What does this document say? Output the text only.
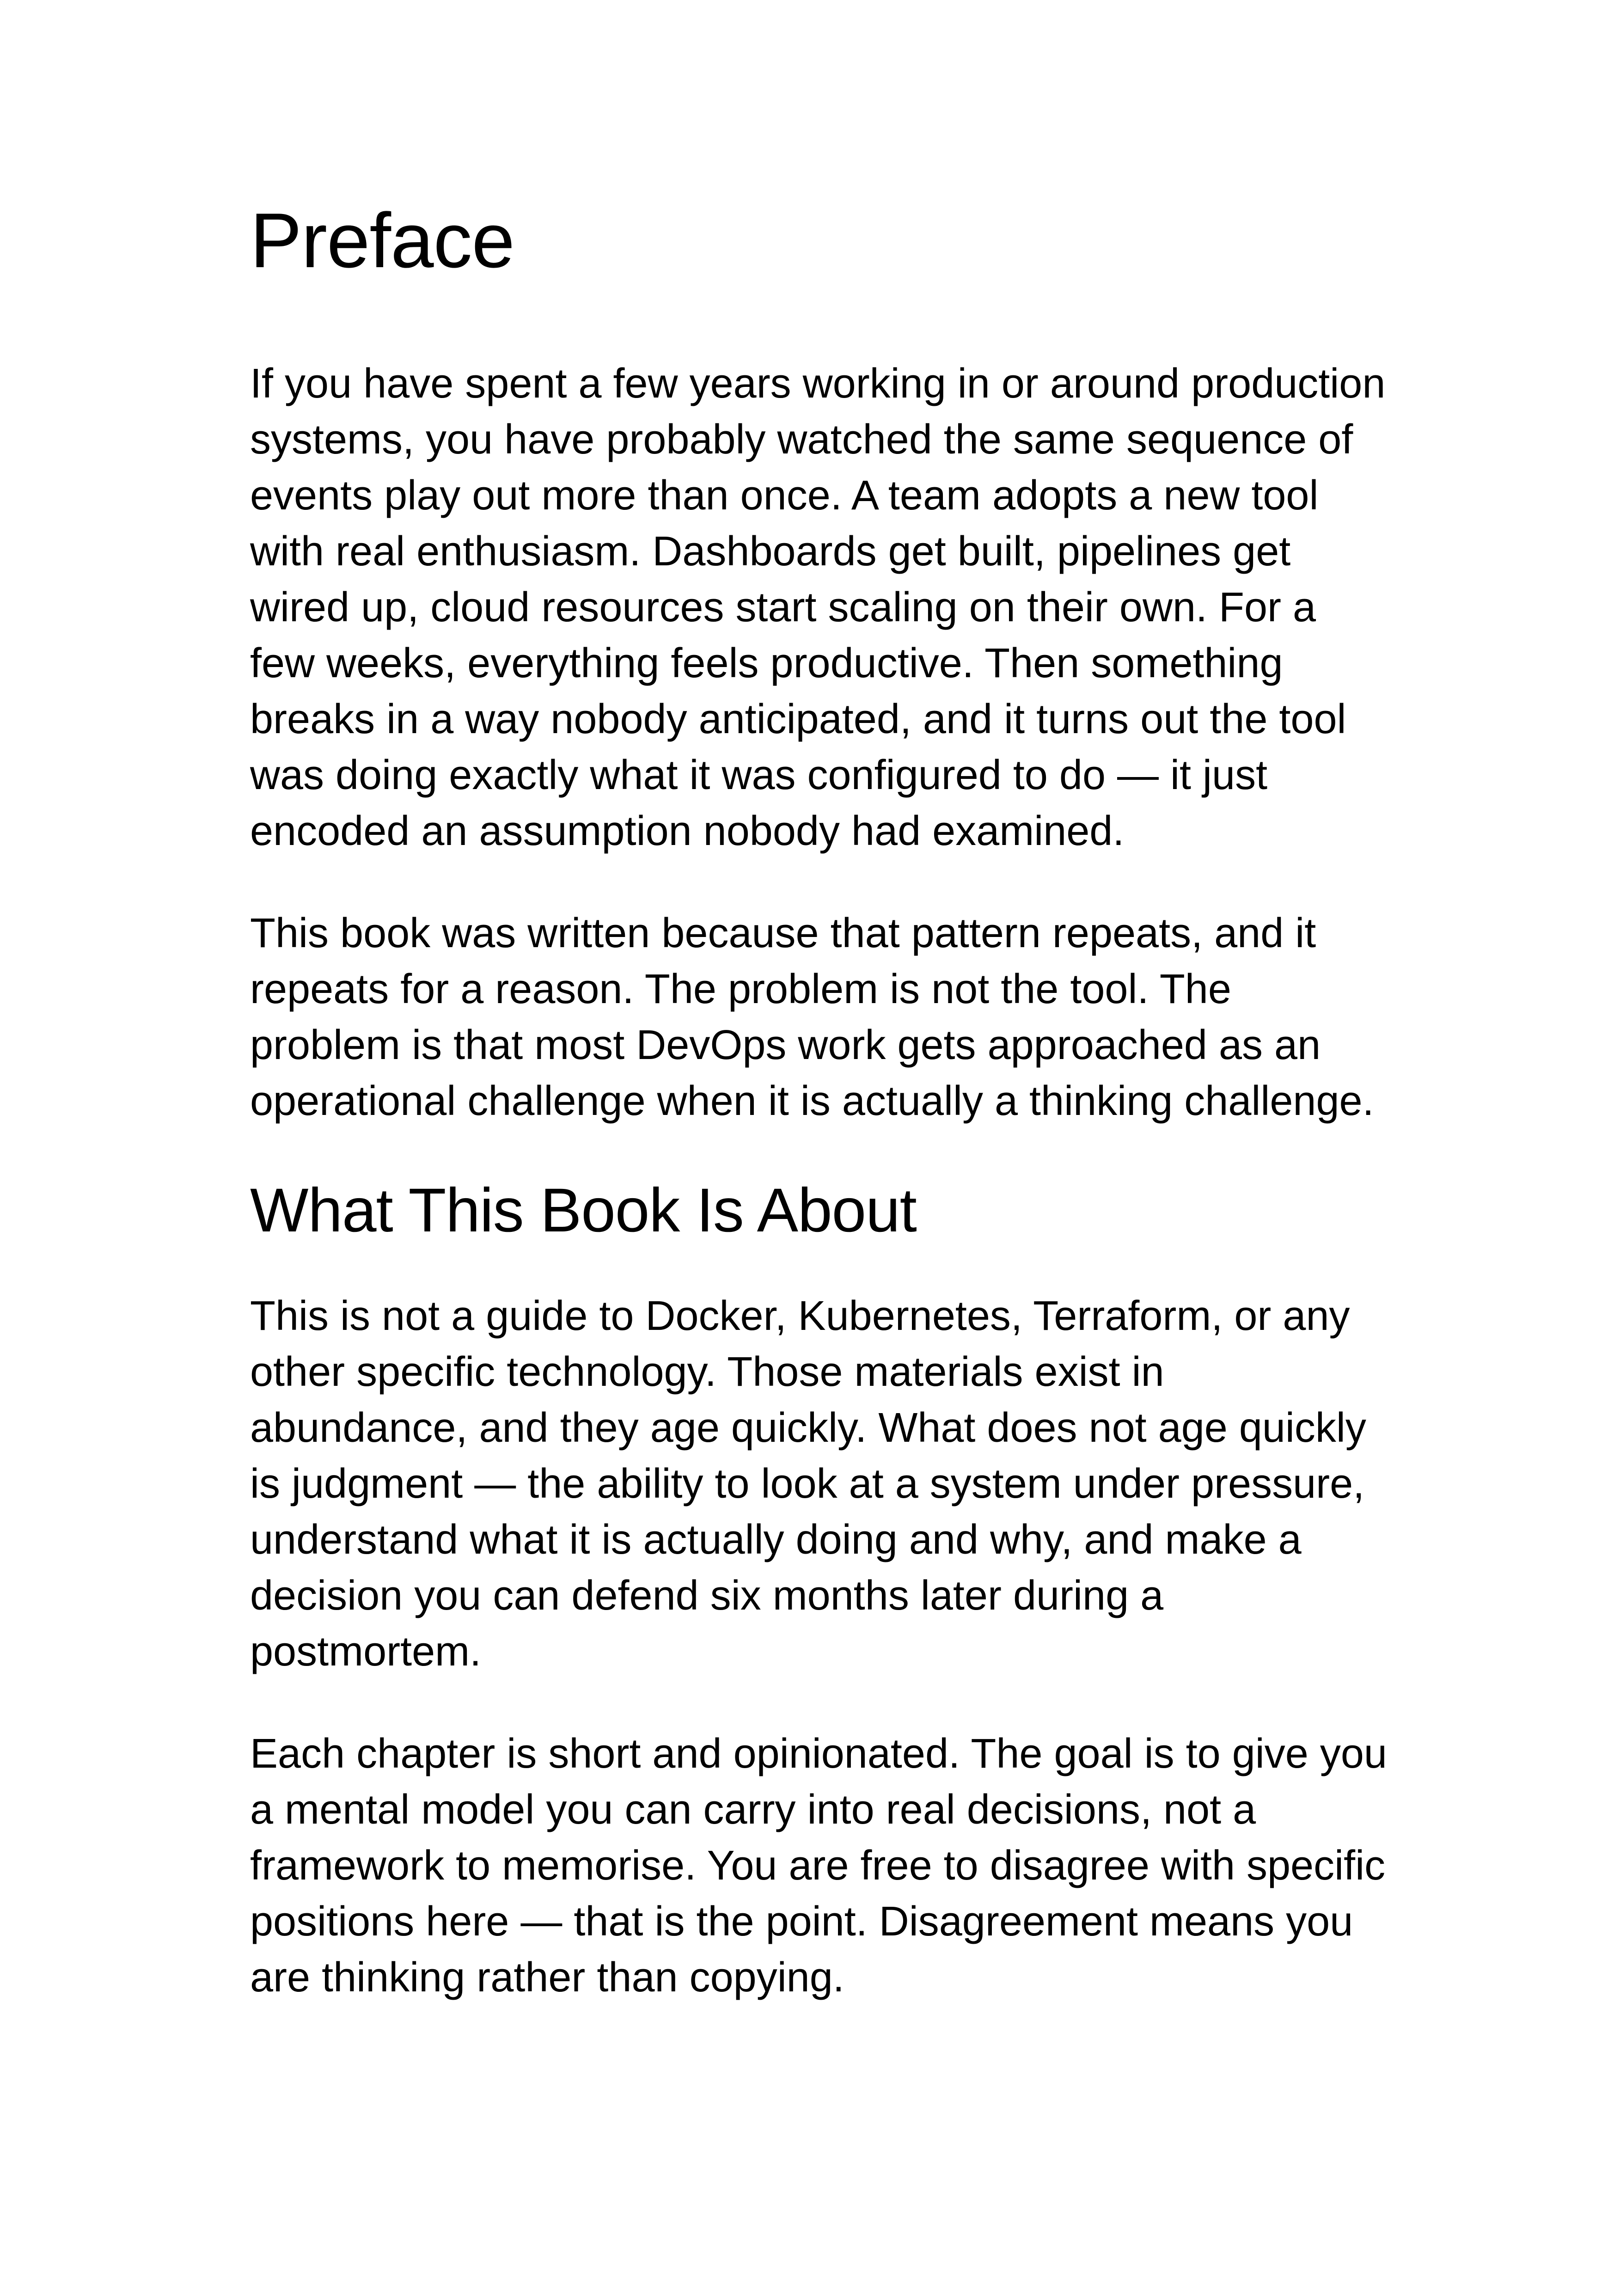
Preface

If you have spent a few years working in or around production
systems, you have probably watched the same sequence of
events play out more than once. A team adopts a new tool
with real enthusiasm. Dashboards get built, pipelines get
wired up, cloud resources start scaling on their own. For a
few weeks, everything feels productive. Then something
breaks in a way nobody anticipated, and it turns out the tool
was doing exactly what it was configured to do — it just
encoded an assumption nobody had examined.

This book was written because that pattern repeats, and it
repeats for a reason. The problem is not the tool. The
problem is that most DevOps work gets approached as an
operational challenge when it is actually a thinking challenge.

What This Book Is About

This is not a guide to Docker, Kubernetes, Terraform, or any
other specific technology. Those materials exist in
abundance, and they age quickly. What does not age quickly
is judgment — the ability to look at a system under pressure,
understand what it is actually doing and why, and make a
decision you can defend six months later during a
postmortem.

Each chapter is short and opinionated. The goal is to give you
a mental model you can carry into real decisions, not a
framework to memorise. You are free to disagree with specific
positions here — that is the point. Disagreement means you
are thinking rather than copying.
